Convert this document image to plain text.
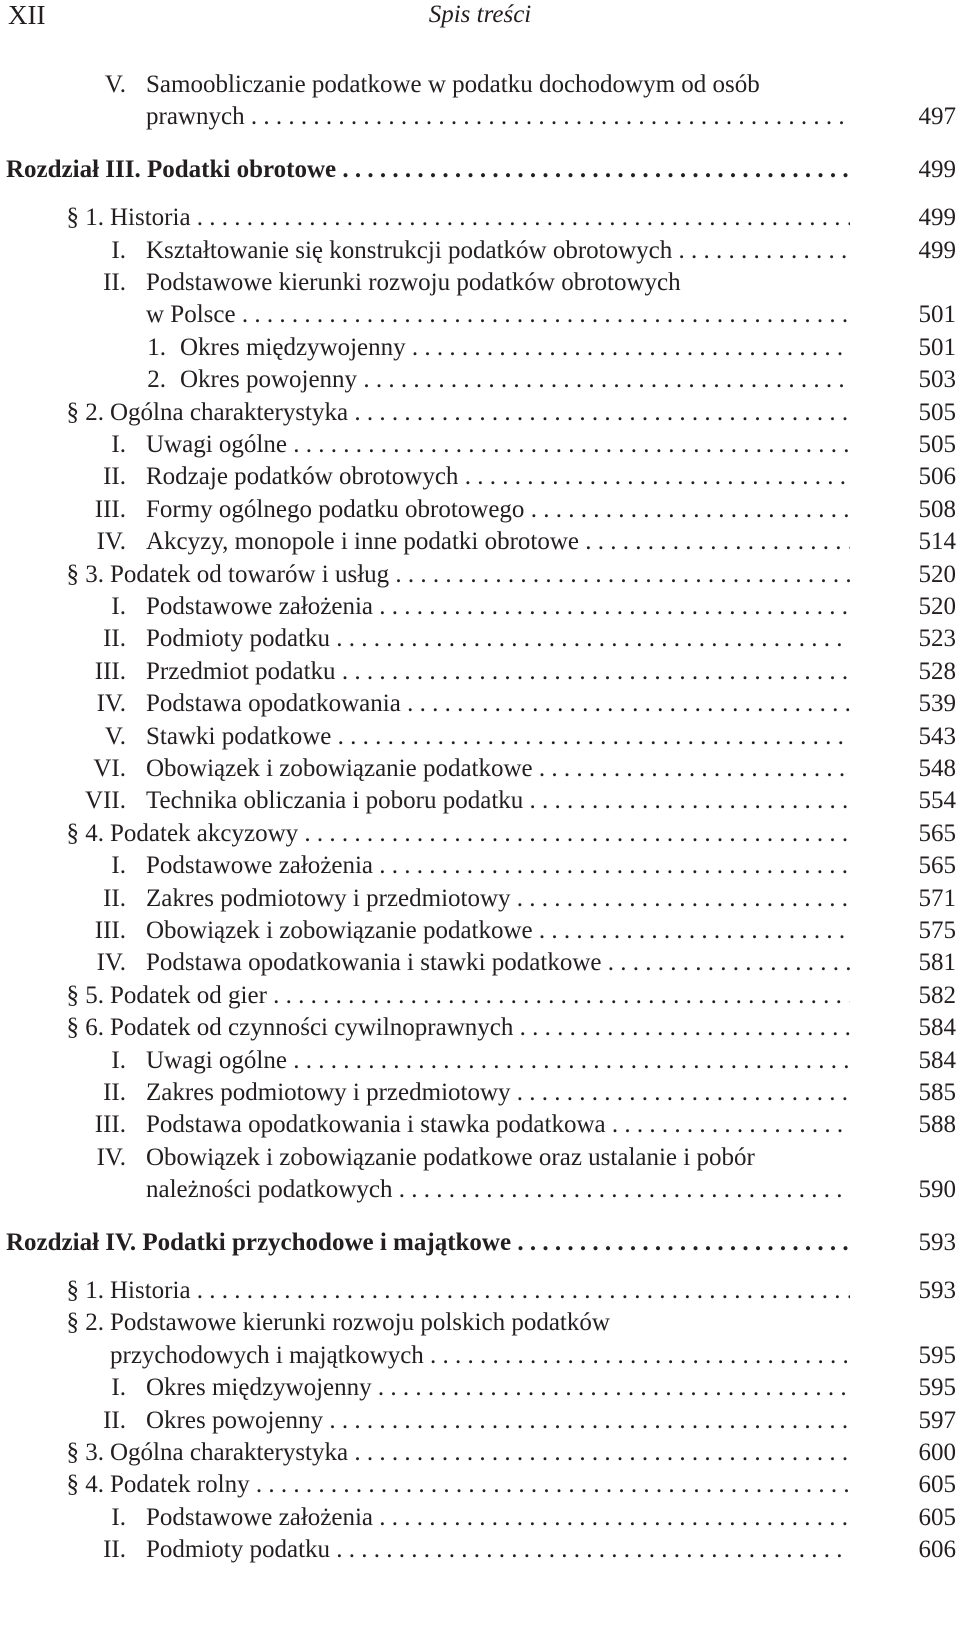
XII	Spis treści
V. Samoobliczanie podatkowe w podatku dochodowym od osób
prawnych . . .	497
Rozdział III. Podatki obrotowe . . .	499
§ 1. Historia . . .	499
I. Kształtowanie się konstrukcji podatków obrotowych . . .	499
II. Podstawowe kierunki rozwoju podatków obrotowych
w Polsce . . .	501
1. Okres międzywojenny . . .	501
2. Okres powojenny . . .	503
§ 2. Ogólna charakterystyka . . .	505
I. Uwagi ogólne . . .	505
II. Rodzaje podatków obrotowych . . .	506
III. Formy ogólnego podatku obrotowego . . .	508
IV. Akcyzy, monopole i inne podatki obrotowe . . .	514
§ 3. Podatek od towarów i usług . . .	520
I. Podstawowe założenia . . .	520
II. Podmioty podatku . . .	523
III. Przedmiot podatku . . .	528
IV. Podstawa opodatkowania . . .	539
V. Stawki podatkowe . . .	543
VI. Obowiązek i zobowiązanie podatkowe . . .	548
VII. Technika obliczania i poboru podatku . . .	554
§ 4. Podatek akcyzowy . . .	565
I. Podstawowe założenia . . .	565
II. Zakres podmiotowy i przedmiotowy . . .	571
III. Obowiązek i zobowiązanie podatkowe . . .	575
IV. Podstawa opodatkowania i stawki podatkowe . . .	581
§ 5. Podatek od gier . . .	582
§ 6. Podatek od czynności cywilnoprawnych . . .	584
I. Uwagi ogólne . . .	584
II. Zakres podmiotowy i przedmiotowy . . .	585
III. Podstawa opodatkowania i stawka podatkowa . . .	588
IV. Obowiązek i zobowiązanie podatkowe oraz ustalanie i pobór
należności podatkowych . . .	590
Rozdział IV. Podatki przychodowe i majątkowe . . .	593
§ 1. Historia . . .	593
§ 2. Podstawowe kierunki rozwoju polskich podatków
przychodowych i majątkowych . . .	595
I. Okres międzywojenny . . .	595
II. Okres powojenny . . .	597
§ 3. Ogólna charakterystyka . . .	600
§ 4. Podatek rolny . . .	605
I. Podstawowe założenia . . .	605
II. Podmioty podatku . . .	606
